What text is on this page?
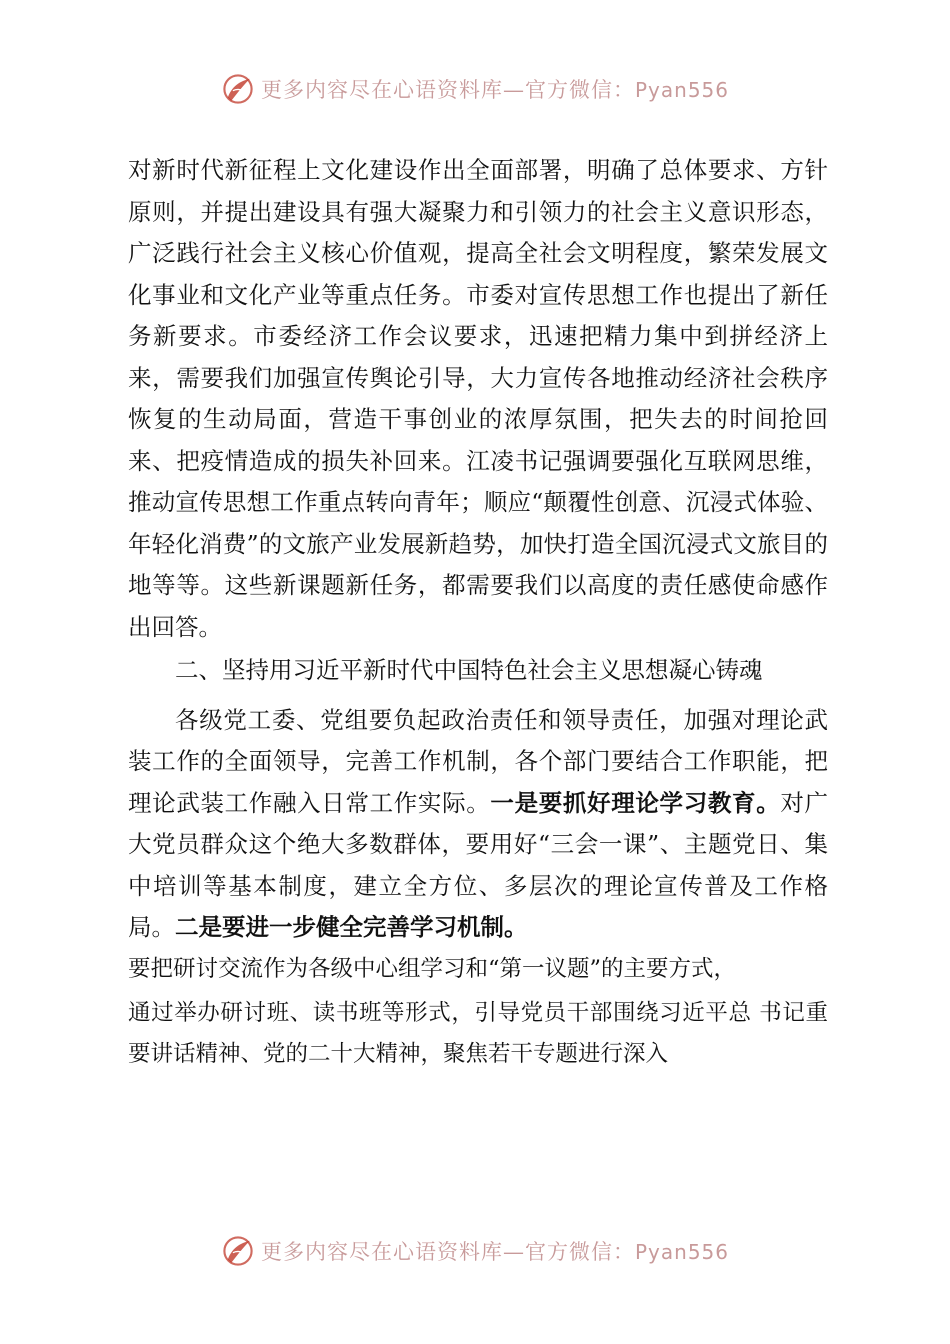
更多内容尽在心语资料库—官方微信：Pyan556

对新时代新征程上文化建设作出全面部署，明确了总体要求、方针原则，并提出建设具有强大凝聚力和引领力的社会主义意识形态，广泛践行社会主义核心价值观，提高全社会文明程度，繁荣发展文化事业和文化产业等重点任务。市委对宣传思想工作也提出了新任务新要求。市委经济工作会议要求，迅速把精力集中到拼经济上来，需要我们加强宣传舆论引导，大力宣传各地推动经济社会秩序恢复的生动局面，营造干事创业的浓厚氛围，把失去的时间抢回来、把疫情造成的损失补回来。江凌书记强调要强化互联网思维，推动宣传思想工作重点转向青年；顺应“颠覆性创意、沉浸式体验、年轻化消费”的文旅产业发展新趋势，加快打造全国沉浸式文旅目的地等等。这些新课题新任务，都需要我们以高度的责任感使命感作出回答。

二、坚持用习近平新时代中国特色社会主义思想凝心铸魂

各级党工委、党组要负起政治责任和领导责任，加强对理论武装工作的全面领导，完善工作机制，各个部门要结合工作职能，把理论武装工作融入日常工作实际。一是要抓好理论学习教育。对广大党员群众这个绝大多数群体，要用好“三会一课”、主题党日、集中培训等基本制度，建立全方位、多层次的理论宣传普及工作格局。二是要进一步健全完善学习机制。

要把研讨交流作为各级中心组学习和“第一议题”的主要方式，

通过举办研讨班、读书班等形式，引导党员干部围绕习近平总 书记重要讲话精神、党的二十大精神，聚焦若干专题进行深入

更多内容尽在心语资料库—官方微信：Pyan556
